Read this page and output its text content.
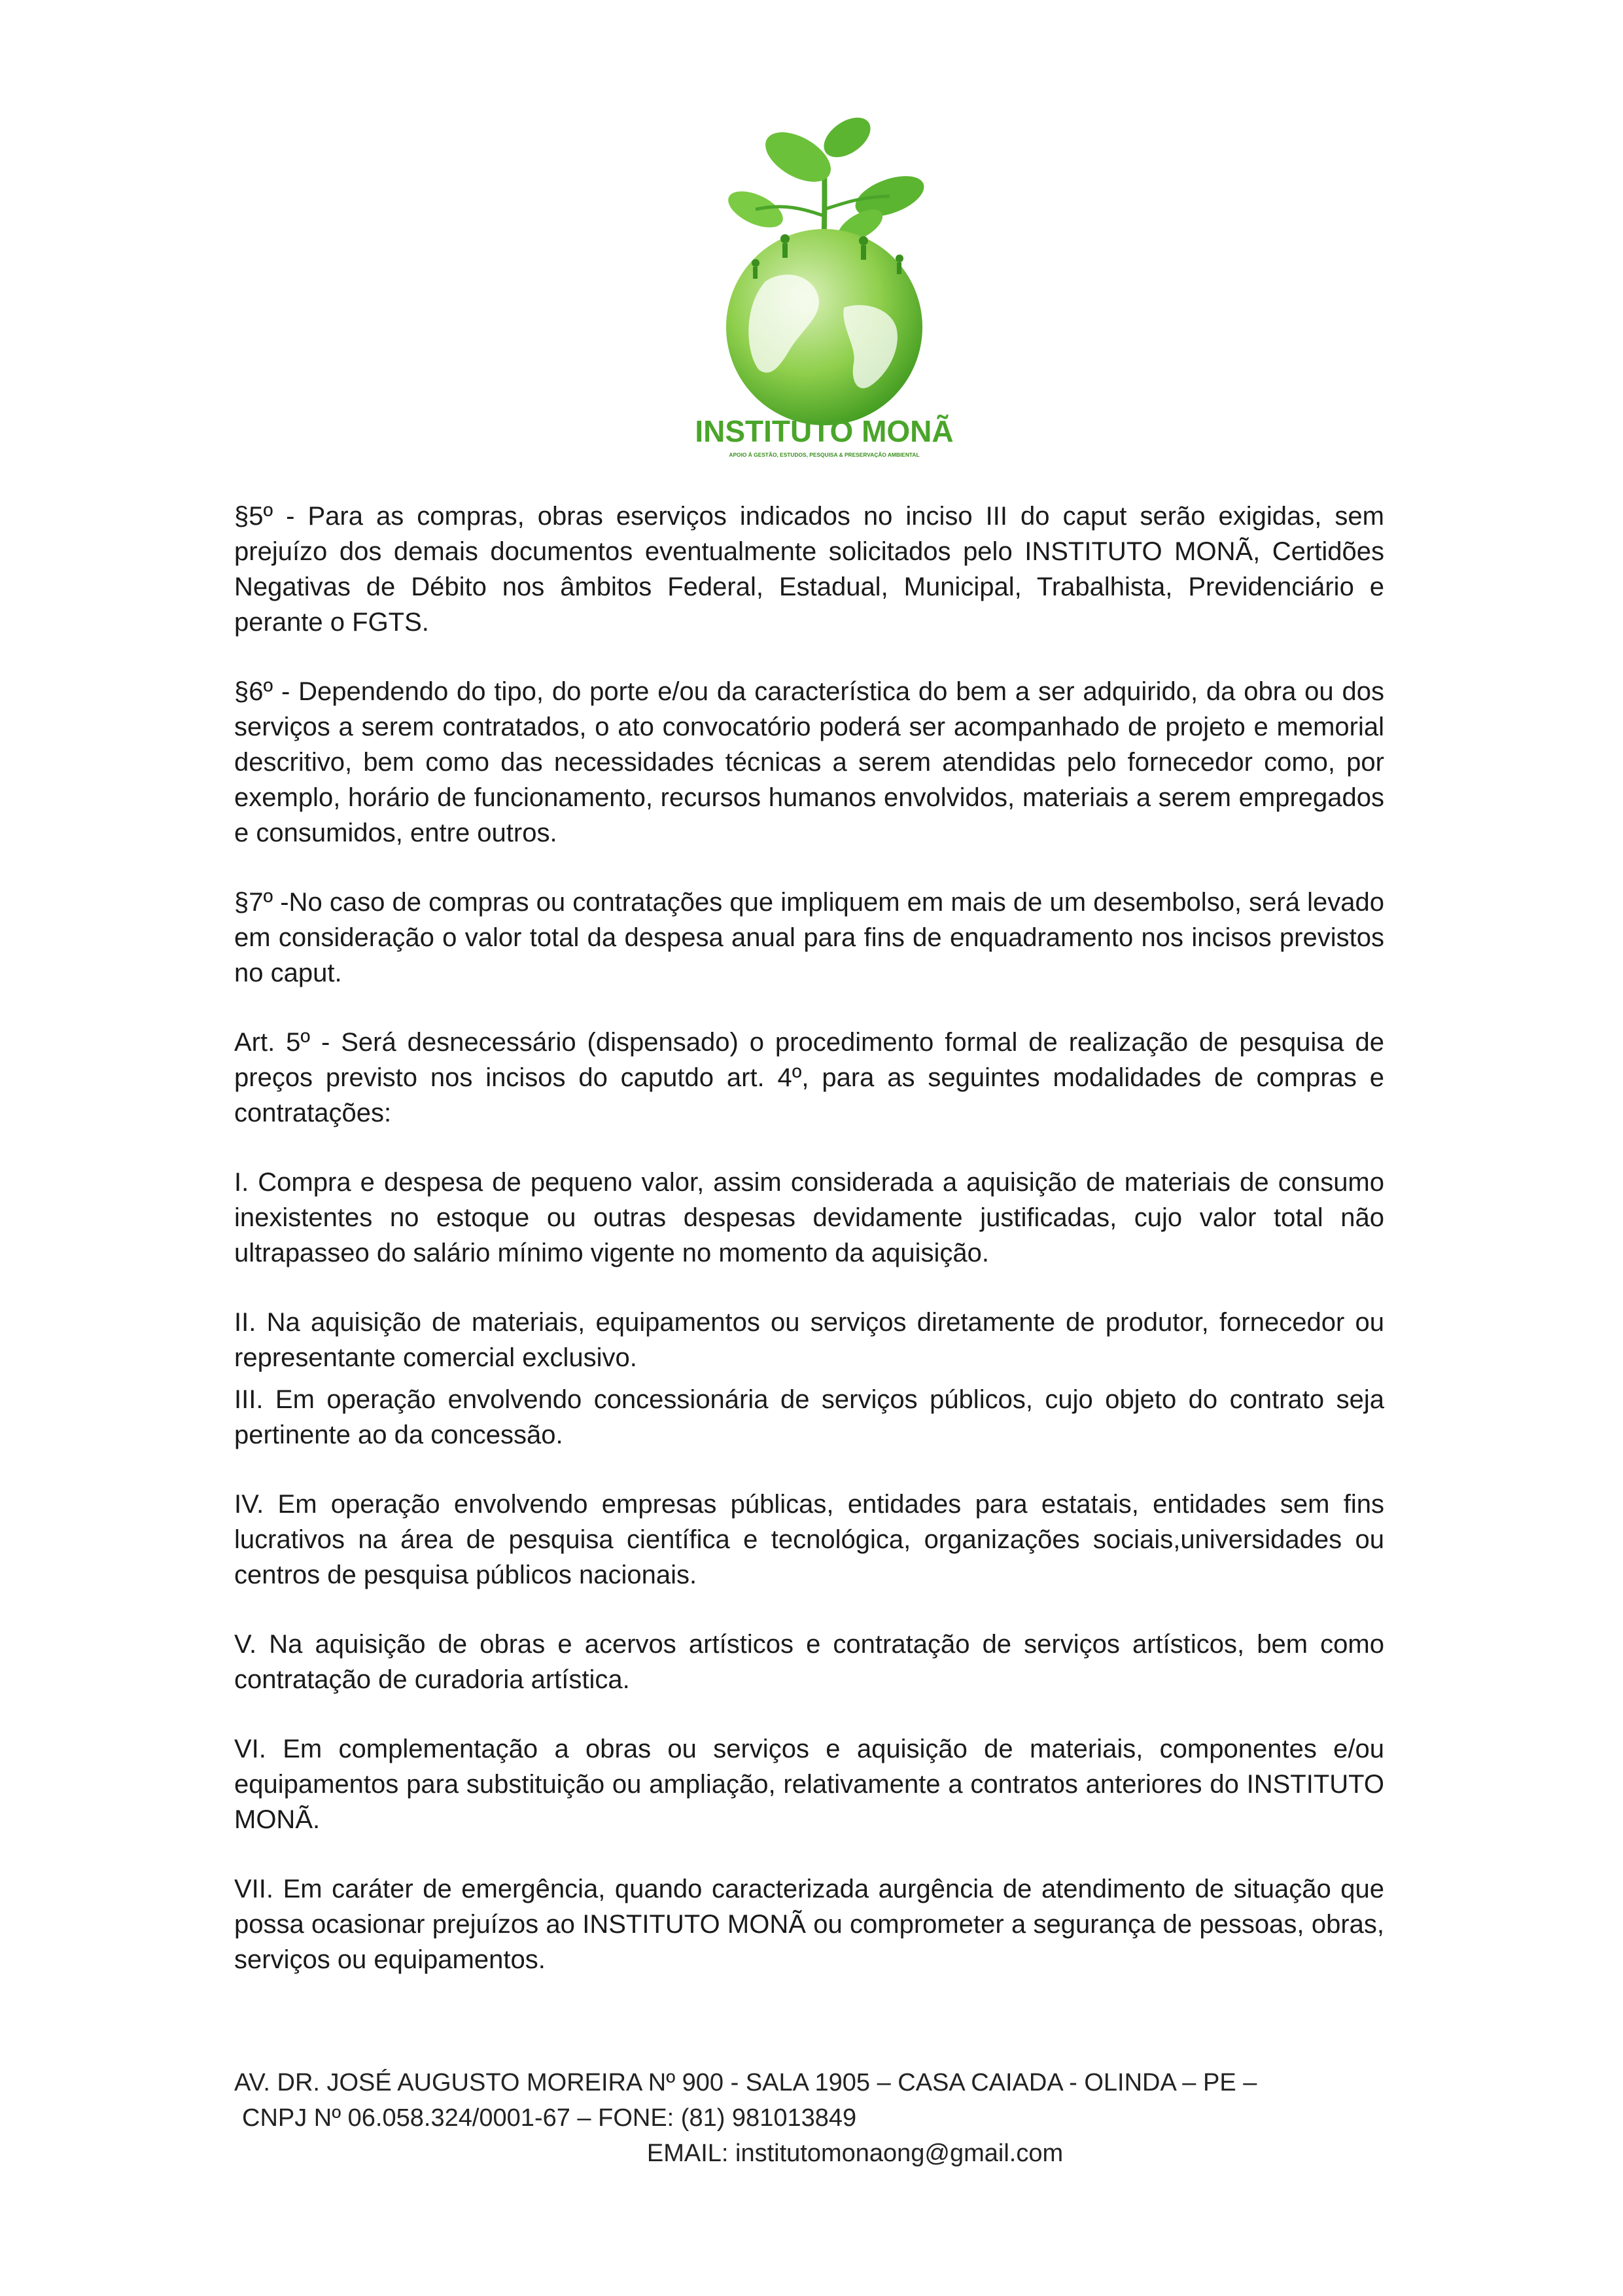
INSTITUTO MONÃ
APOIO À GESTÃO, ESTUDOS, PESQUISA & PRESERVAÇÃO AMBIENTAL

§5º - Para as compras, obras eserviços indicados no inciso III do caput serão exigidas, sem prejuízo dos demais documentos eventualmente solicitados pelo INSTITUTO MONÃ, Certidões Negativas de Débito nos âmbitos Federal, Estadual, Municipal, Trabalhista, Previdenciário e perante o FGTS.

§6º - Dependendo do tipo, do porte e/ou da característica do bem a ser adquirido, da obra ou dos serviços a serem contratados, o ato convocatório poderá ser acompanhado de projeto e memorial descritivo, bem como das necessidades técnicas a serem atendidas pelo fornecedor como, por exemplo, horário de funcionamento, recursos humanos envolvidos, materiais a serem empregados e consumidos, entre outros.

§7º -No caso de compras ou contratações que impliquem em mais de um desembolso, será levado em consideração o valor total da despesa anual para fins de enquadramento nos incisos previstos no caput.

Art. 5º - Será desnecessário (dispensado) o procedimento formal de realização de pesquisa de preços previsto nos incisos do caputdo art. 4º, para as seguintes modalidades de compras e contratações:

I. Compra e despesa de pequeno valor, assim considerada a aquisição de materiais de consumo inexistentes no estoque ou outras despesas devidamente justificadas, cujo valor total não ultrapasseo do salário mínimo vigente no momento da aquisição.

II. Na aquisição de materiais, equipamentos ou serviços diretamente de produtor, fornecedor ou representante comercial exclusivo.

III. Em operação envolvendo concessionária de serviços públicos, cujo objeto do contrato seja pertinente ao da concessão.

IV. Em operação envolvendo empresas públicas, entidades para estatais, entidades sem fins lucrativos na área de pesquisa científica e tecnológica, organizações sociais,universidades ou centros de pesquisa públicos nacionais.

V. Na aquisição de obras e acervos artísticos e contratação de serviços artísticos, bem como contratação de curadoria artística.

VI. Em complementação a obras ou serviços e aquisição de materiais, componentes e/ou equipamentos para substituição ou ampliação, relativamente a contratos anteriores do INSTITUTO MONÃ.

VII. Em caráter de emergência, quando caracterizada aurgência de atendimento de situação que possa ocasionar prejuízos ao INSTITUTO MONÃ ou comprometer a segurança de pessoas, obras, serviços ou equipamentos.

AV. DR. JOSÉ AUGUSTO MOREIRA Nº 900 - SALA 1905 – CASA CAIADA - OLINDA – PE –
CNPJ Nº 06.058.324/0001-67 – FONE: (81) 981013849
EMAIL: institutomonaong@gmail.com
